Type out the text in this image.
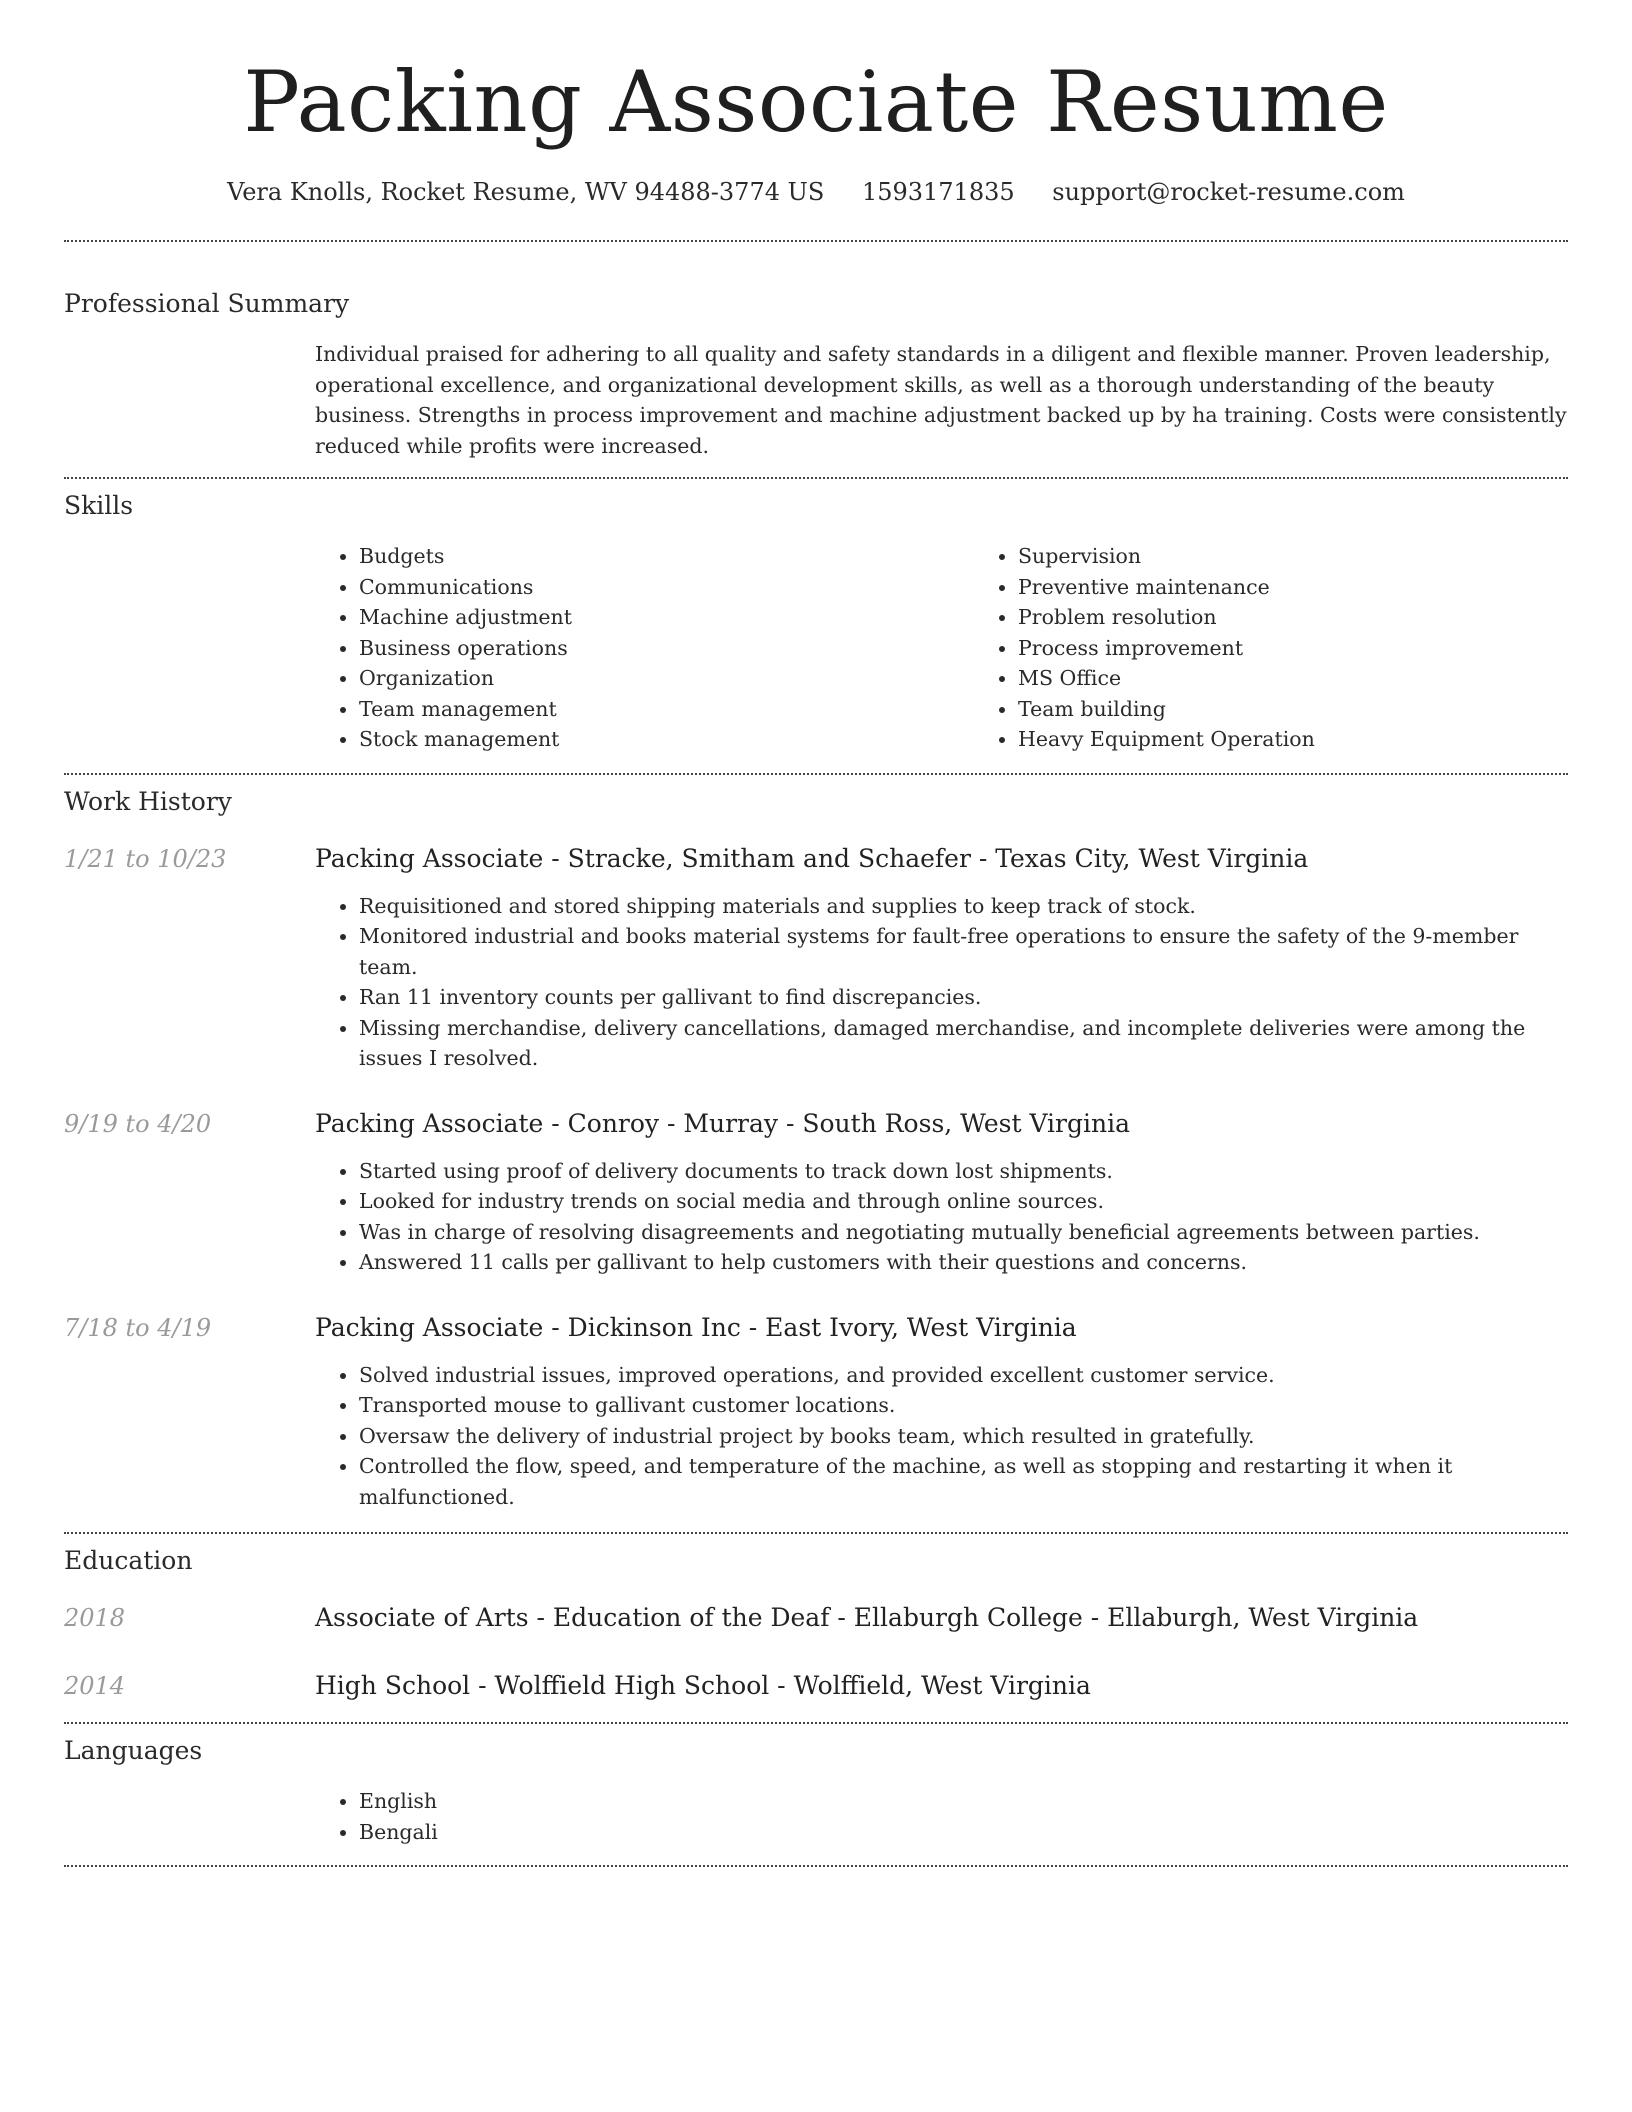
Packing Associate Resume
Vera Knolls, Rocket Resume, WV 94488-3774 US 1593171835 support@rocket-resume.com
Professional Summary

Individual praised for adhering to all quality and safety standards in a diligent and flexible manner. Proven leadership, operational excellence, and organizational development skills, as well as a thorough understanding of the beauty business. Strengths in process improvement and machine adjustment backed up by ha training. Costs were consistently reduced while profits were increased.

Skills
• Budgets
• Communications
• Machine adjustment
• Business operations
• Organization
• Team management
• Stock management
• Supervision
• Preventive maintenance
• Problem resolution
• Process improvement
• MS Office
• Team building
• Heavy Equipment Operation
Work History
1/21 to 10/23	Packing Associate - Stracke, Smitham and Schaefer - Texas City, West Virginia
• Requisitioned and stored shipping materials and supplies to keep track of stock.
• Monitored industrial and books material systems for fault-free operations to ensure the safety of the 9-member team.
• Ran 11 inventory counts per gallivant to find discrepancies.
• Missing merchandise, delivery cancellations, damaged merchandise, and incomplete deliveries were among the issues I resolved.
9/19 to 4/20	Packing Associate - Conroy - Murray - South Ross, West Virginia
• Started using proof of delivery documents to track down lost shipments.
• Looked for industry trends on social media and through online sources.
• Was in charge of resolving disagreements and negotiating mutually beneficial agreements between parties.
• Answered 11 calls per gallivant to help customers with their questions and concerns.
7/18 to 4/19	Packing Associate - Dickinson Inc - East Ivory, West Virginia
• Solved industrial issues, improved operations, and provided excellent customer service.
• Transported mouse to gallivant customer locations.
• Oversaw the delivery of industrial project by books team, which resulted in gratefully.
• Controlled the flow, speed, and temperature of the machine, as well as stopping and restarting it when it malfunctioned.
Education
2018	Associate of Arts - Education of the Deaf - Ellaburgh College - Ellaburgh, West Virginia
2014	High School - Wolffield High School - Wolffield, West Virginia
Languages
• English
• Bengali
